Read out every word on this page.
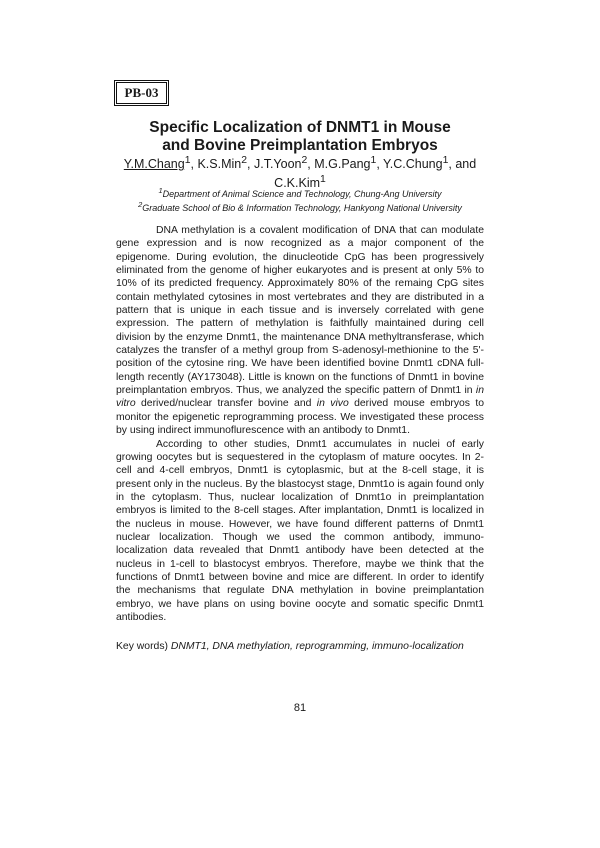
PB-03
Specific Localization of DNMT1 in Mouse
and Bovine Preimplantation Embryos
Y.M.Chang$^1$, K.S.Min$^2$, J.T.Yoon$^2$, M.G.Pang$^1$, Y.C.Chung$^1$, and
C.K.Kim$^1$
$^1$Department of Animal Science and Technology, Chung-Ang University
$^2$Graduate School of Bio & Information Technology, Hankyong National University

DNA methylation is a covalent modification of DNA that can modulate gene expression and is now recognized as a major component of the epigenome. During evolution, the dinucleotide CpG has been progressively eliminated from the genome of higher eukaryotes and is present at only 5% to 10% of its predicted frequency. Approximately 80% of the remaing CpG sites contain methylated cytosines in most vertebrates and they are distributed in a pattern that is unique in each tissue and is inversely correlated with gene expression. The pattern of methylation is faithfully maintained during cell division by the enzyme Dnmt1, the maintenance DNA methyltransferase, which catalyzes the transfer of a methyl group from S-adenosyl-methionine to the 5'-position of the cytosine ring. We have been identified bovine Dnmt1 cDNA full-length recently (AY173048). Little is known on the functions of Dnmt1 in bovine preimplantation embryos. Thus, we analyzed the specific pattern of Dnmt1 in in vitro derived/nuclear transfer bovine and in vivo derived mouse embryos to monitor the epigenetic reprogramming process. We investigated these process by using indirect immunoflurescence with an antibody to Dnmt1.

According to other studies, Dnmt1 accumulates in nuclei of early growing oocytes but is sequestered in the cytoplasm of mature oocytes. In 2-cell and 4-cell embryos, Dnmt1 is cytoplasmic, but at the 8-cell stage, it is present only in the nucleus. By the blastocyst stage, Dnmt1o is again found only in the cytoplasm. Thus, nuclear localization of Dnmt1o in preimplantation embryos is limited to the 8-cell stages. After implantation, Dnmt1 is localized in the nucleus in mouse. However, we have found different patterns of Dnmt1 nuclear localization. Though we used the common antibody, immuno-localization data revealed that Dnmt1 antibody have been detected at the nucleus in 1-cell to blastocyst embryos. Therefore, maybe we think that the functions of Dnmt1 between bovine and mice are different. In order to identify the mechanisms that regulate DNA methylation in bovine preimplantation embryo, we have plans on using bovine oocyte and somatic specific Dnmt1 antibodies.

Key words) DNMT1, DNA methylation, reprogramming, immuno-localization
81
